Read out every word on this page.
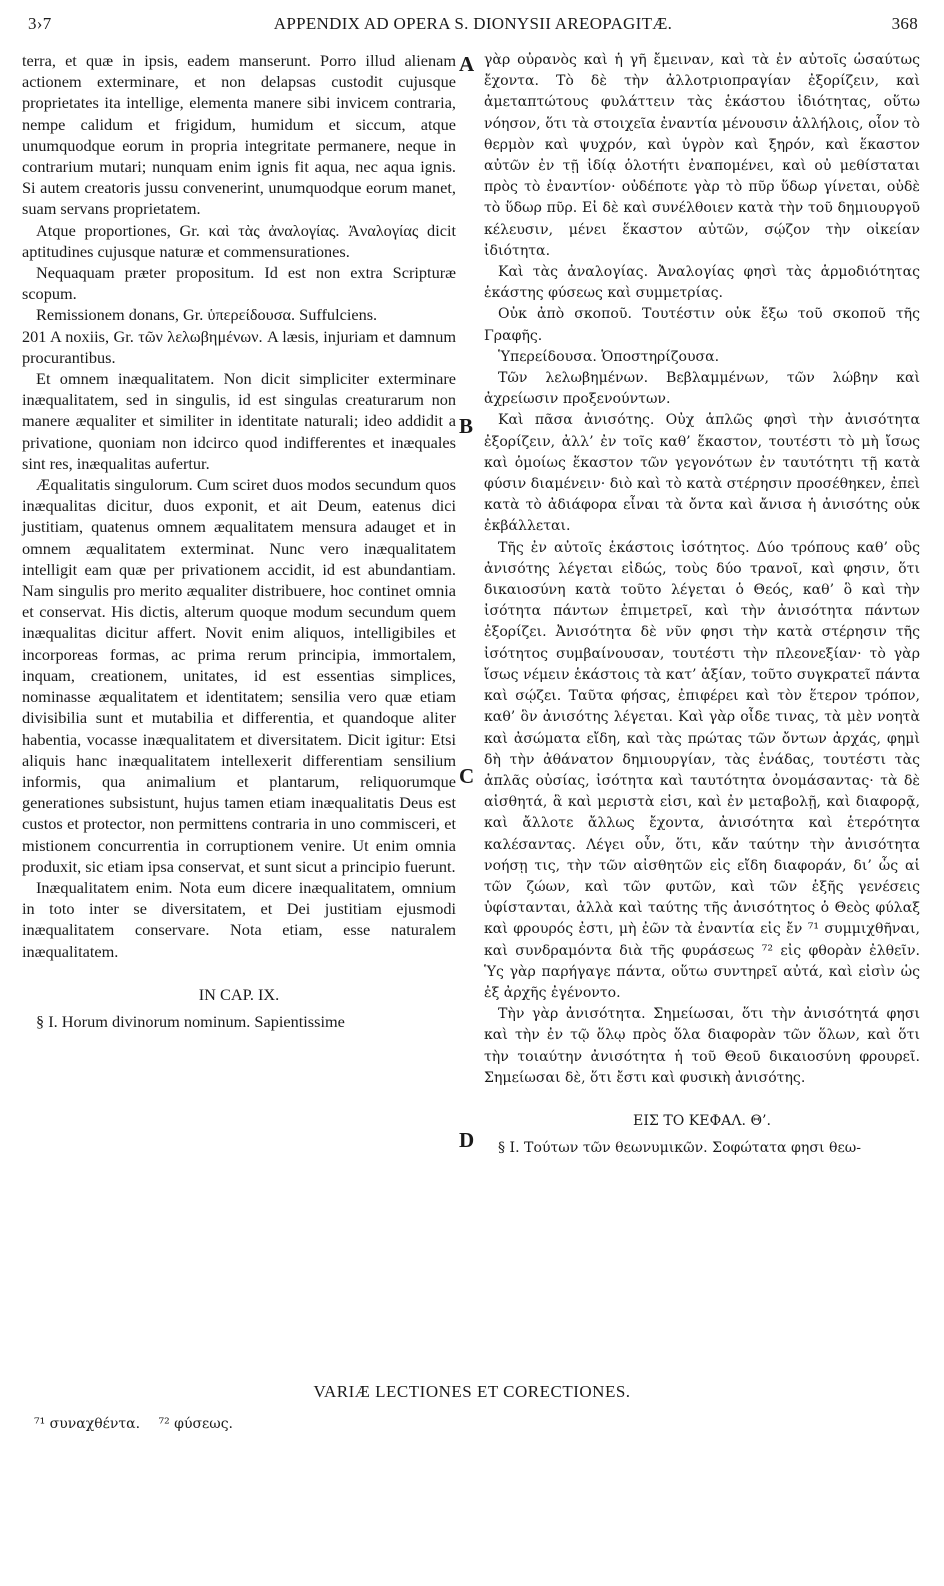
3›7	APPENDIX AD OPERA S. DIONYSII AREOPAGITÆ.	368
A
B
C
D

terra, et quæ in ipsis, eadem manserunt. Porro illud alienam actionem exterminare, et non delapsas custodit cujusque proprietates ita intellige, elementa manere sibi invicem contraria, nempe calidum et frigidum, humidum et siccum, atque unumquodque eorum in propria integritate permanere, neque in contrarium mutari; nunquam enim ignis fit aqua, nec aqua ignis. Si autem creatoris jussu convenerint, unumquodque eorum manet, suam servans proprietatem.

Atque proportiones, Gr. καὶ τὰς ἀναλογίας. Ἀναλογίας dicit aptitudines cujusque naturæ et commensurationes.

Nequaquam præter propositum. Id est non extra Scripturæ scopum.

Remissionem donans, Gr. ὑπερείδουσα. Suffulciens.

201 A noxiis, Gr. τῶν λελωβημένων. A læsis, injuriam et damnum procurantibus.

Et omnem inæqualitatem. Non dicit simpliciter exterminare inæqualitatem, sed in singulis, id est singulas creaturarum non manere æqualiter et similiter in identitate naturali; ideo addidit a privatione, quoniam non idcirco quod indifferentes et inæquales sint res, inæqualitas aufertur.

Æqualitatis singulorum. Cum sciret duos modos secundum quos inæqualitas dicitur, duos exponit, et ait Deum, eatenus dici justitiam, quatenus omnem æqualitatem mensura adauget et in omnem æqualitatem exterminat. Nunc vero inæqualitatem intelligit eam quæ per privationem accidit, id est abundantiam. Nam singulis pro merito æqualiter distribuere, hoc continet omnia et conservat. His dictis, alterum quoque modum secundum quem inæqualitas dicitur affert. Novit enim aliquos, intelligibiles et incorporeas formas, ac prima rerum principia, immortalem, inquam, creationem, unitates, id est essentias simplices, nominasse æqualitatem et identitatem; sensilia vero quæ etiam divisibilia sunt et mutabilia et differentia, et quandoque aliter habentia, vocasse inæqualitatem et diversitatem. Dicit igitur: Etsi aliquis hanc inæqualitatem intellexerit differentiam sensilium informis, qua animalium et plantarum, reliquorumque generationes subsistunt, hujus tamen etiam inæqualitatis Deus est custos et protector, non permittens contraria in uno commisceri, et mistionem concurrentia in corruptionem venire. Ut enim omnia produxit, sic etiam ipsa conservat, et sunt sicut a principio fuerunt.

Inæqualitatem enim. Nota eum dicere inæqualitatem, omnium in toto inter se diversitatem, et Dei justitiam ejusmodi inæqualitatem conservare. Nota etiam, esse naturalem inæqualitatem.

IN CAP. IX.

§ I. Horum divinorum nominum. Sapientissime

γὰρ οὐρανὸς καὶ ἡ γῆ ἔμειναν, καὶ τὰ ἐν αὐτοῖς ὡσαύτως ἔχοντα. Τὸ δὲ τὴν ἀλλοτριοπραγίαν ἐξορίζειν, καὶ ἀμεταπτώτους φυλάττειν τὰς ἑκάστου ἰδιότητας, οὕτω νόησον, ὅτι τὰ στοιχεῖα ἐναντία μένουσιν ἀλλήλοις, οἷον τὸ θερμὸν καὶ ψυχρόν, καὶ ὑγρὸν καὶ ξηρόν, καὶ ἕκαστον αὐτῶν ἐν τῇ ἰδίᾳ ὁλοτήτι ἐναπομένει, καὶ οὐ μεθίσταται πρὸς τὸ ἐναντίον· οὐδέποτε γὰρ τὸ πῦρ ὕδωρ γίνεται, οὐδὲ τὸ ὕδωρ πῦρ. Εἰ δὲ καὶ συνέλθοιεν κατὰ τὴν τοῦ δημιουργοῦ κέλευσιν, μένει ἕκαστον αὐτῶν, σῴζον τὴν οἰκείαν ἰδιότητα.

Καὶ τὰς ἀναλογίας. Ἀναλογίας φησὶ τὰς ἁρμοδιότητας ἑκάστης φύσεως καὶ συμμετρίας.

Οὐκ ἀπὸ σκοποῦ. Τουτέστιν οὐκ ἔξω τοῦ σκοποῦ τῆς Γραφῆς.

Ὑπερείδουσα. Ὁποστηρίζουσα.

Τῶν λελωβημένων. Βεβλαμμένων, τῶν λώβην καὶ ἀχρείωσιν προξενούντων.

Καὶ πᾶσα ἀνισότης. Οὐχ ἁπλῶς φησὶ τὴν ἀνισότητα ἐξορίζειν, ἀλλ’ ἐν τοῖς καθ’ ἕκαστον, τουτέστι τὸ μὴ ἴσως καὶ ὁμοίως ἕκαστον τῶν γεγονότων ἐν ταυτότητι τῇ κατὰ φύσιν διαμένειν· διὸ καὶ τὸ κατὰ στέρησιν προσέθηκεν, ἐπεὶ κατὰ τὸ ἀδιάφορα εἶναι τὰ ὄντα καὶ ἄνισα ἡ ἀνισότης οὐκ ἐκβάλλεται.

Τῆς ἐν αὐτοῖς ἑκάστοις ἰσότητος. Δύο τρόπους καθ’ οὓς ἀνισότης λέγεται εἰδώς, τοὺς δύο τρανοῖ, καὶ φησιν, ὅτι δικαιοσύνη κατὰ τοῦτο λέγεται ὁ Θεός, καθ’ ὃ καὶ τὴν ἰσότητα πάντων ἐπιμετρεῖ, καὶ τὴν ἀνισότητα πάντων ἐξορίζει. Ἀνισότητα δὲ νῦν φησι τὴν κατὰ στέρησιν τῆς ἰσότητος συμβαίνουσαν, τουτέστι τὴν πλεονεξίαν· τὸ γὰρ ἴσως νέμειν ἑκάστοις τὰ κατ’ ἀξίαν, τοῦτο συγκρατεῖ πάντα καὶ σῴζει. Ταῦτα φήσας, ἐπιφέρει καὶ τὸν ἕτερον τρόπον, καθ’ ὃν ἀνισότης λέγεται. Καὶ γὰρ οἶδε τινας, τὰ μὲν νοητὰ καὶ ἀσώματα εἴδη, καὶ τὰς πρώτας τῶν ὄντων ἀρχάς, φημὶ δὴ τὴν ἀθάνατον δημιουργίαν, τὰς ἑνάδας, τουτέστι τὰς ἁπλᾶς οὐσίας, ἰσότητα καὶ ταυτότητα ὀνομάσαντας· τὰ δὲ αἰσθητά, ἃ καὶ μεριστὰ εἰσι, καὶ ἐν μεταβολῇ, καὶ διαφορᾷ, καὶ ἄλλοτε ἄλλως ἔχοντα, ἀνισότητα καὶ ἑτερότητα καλέσαντας. Λέγει οὖν, ὅτι, κἄν ταύτην τὴν ἀνισότητα νοήσῃ τις, τὴν τῶν αἰσθητῶν εἰς εἴδη διαφοράν, δι’ ὧς αἱ τῶν ζώων, καὶ τῶν φυτῶν, καὶ τῶν ἑξῆς γενέσεις ὑφίστανται, ἀλλὰ καὶ ταύτης τῆς ἀνισότητος ὁ Θεὸς φύλαξ καὶ φρουρός ἐστι, μὴ ἐῶν τὰ ἐναντία εἰς ἔν ⁷¹ συμμιχθῆναι, καὶ συνδραμόντα διὰ τῆς φυράσεως ⁷² εἰς φθορὰν ἐλθεῖν. Ὑς γὰρ παρήγαγε πάντα, οὕτω συντηρεῖ αὐτά, καὶ εἰσὶν ὡς ἐξ ἀρχῆς ἐγένοντο.

Τὴν γὰρ ἀνισότητα. Σημείωσαι, ὅτι τὴν ἀνισότητά φησι καὶ τὴν ἐν τῷ ὅλῳ πρὸς ὅλα διαφορὰν τῶν ὅλων, καὶ ὅτι τὴν τοιαύτην ἀνισότητα ἡ τοῦ Θεοῦ δικαιοσύνη φρουρεῖ. Σημείωσαι δὲ, ὅτι ἔστι καὶ φυσικὴ ἀνισότης.

ΕΙΣ ΤΟ ΚΕΦΑΛ. Θ’.

§ I. Τούτων τῶν θεωνυμικῶν. Σοφώτατα φησι θεω-

VARIÆ LECTIONES ET CORECTIONES.
⁷¹ συναχθέντα.  ⁷² φύσεως.
